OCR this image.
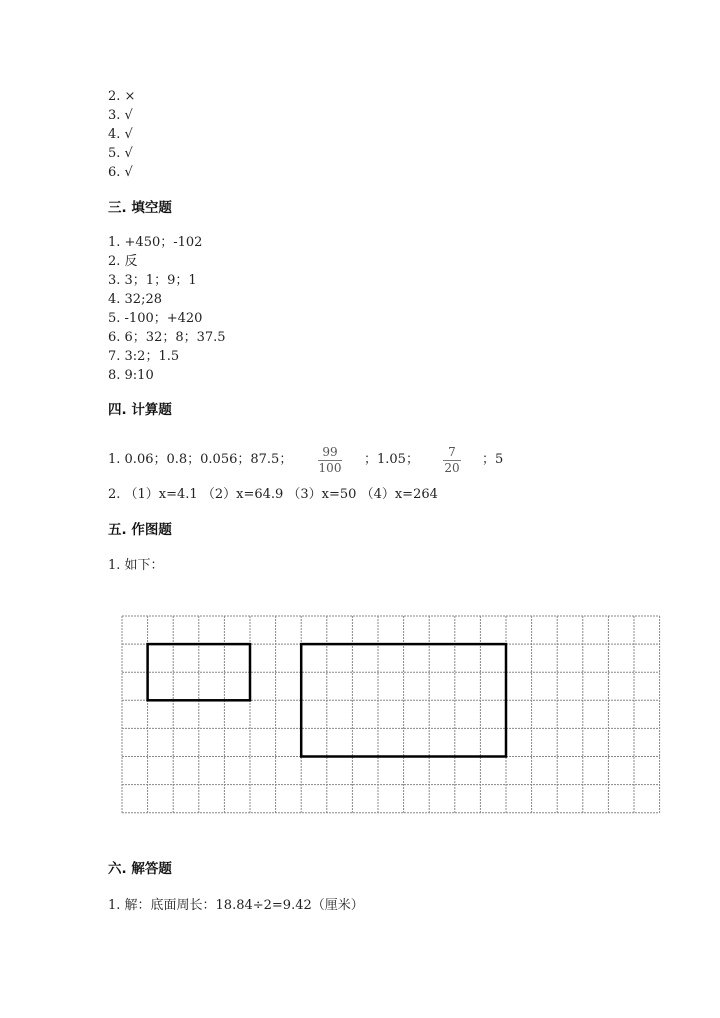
2. ×
3. √
4. √
5. √
6. √
三. 填空题
1. +450；-102
2. 反
3. 3；1；9；1
4. 32;28
5. -100；+420
6. 6；32；8；37.5
7. 3:2；1.5
8. 9:10
四. 计算题
1. 0.06；0.8；0.056；87.5；	99
100
；1.05； 7
20
；5
2. （1）x=4.1 （2）x=64.9 （3）x=50 （4）x=264
五. 作图题
1. 如下：
六. 解答题
1. 解：底面周长：18.84÷2=9.42（厘米）
